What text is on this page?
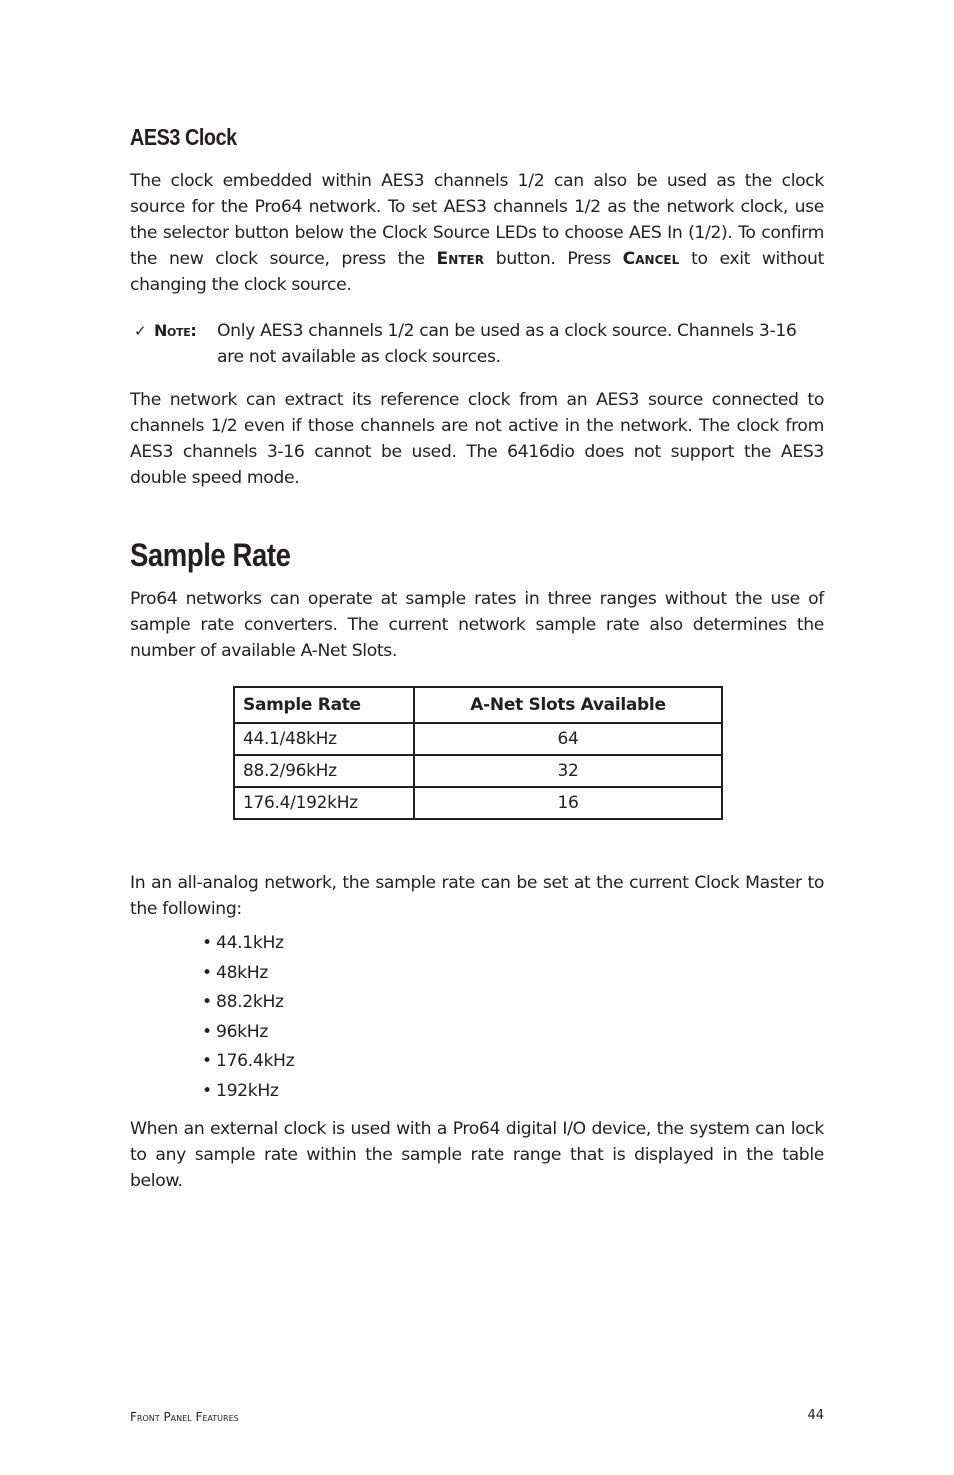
AES3 Clock

The clock embedded within AES3 channels 1/2 can also be used as the clock source for the Pro64 network. To set AES3 channels 1/2 as the network clock, use the selector button below the Clock Source LEDs to choose AES In (1/2). To confirm the new clock source, press the Enter button. Press Cancel to exit without changing the clock source.

✓ Note: Only AES3 channels 1/2 can be used as a clock source. Channels 3-16 are not available as clock sources.

The network can extract its reference clock from an AES3 source connected to channels 1/2 even if those channels are not active in the network. The clock from AES3 channels 3-16 cannot be used. The 6416dio does not support the AES3 double speed mode.

Sample Rate

Pro64 networks can operate at sample rates in three ranges without the use of sample rate converters. The current network sample rate also determines the number of available A-Net Slots.

Sample Rate	A-Net Slots Available
44.1/48kHz	64
88.2/96kHz	32
176.4/192kHz	16

In an all-analog network, the sample rate can be set at the current Clock Master to the following:

• 44.1kHz
• 48kHz
• 88.2kHz
• 96kHz
• 176.4kHz
• 192kHz

When an external clock is used with a Pro64 digital I/O device, the system can lock to any sample rate within the sample rate range that is displayed in the table below.

Front Panel Features	44
